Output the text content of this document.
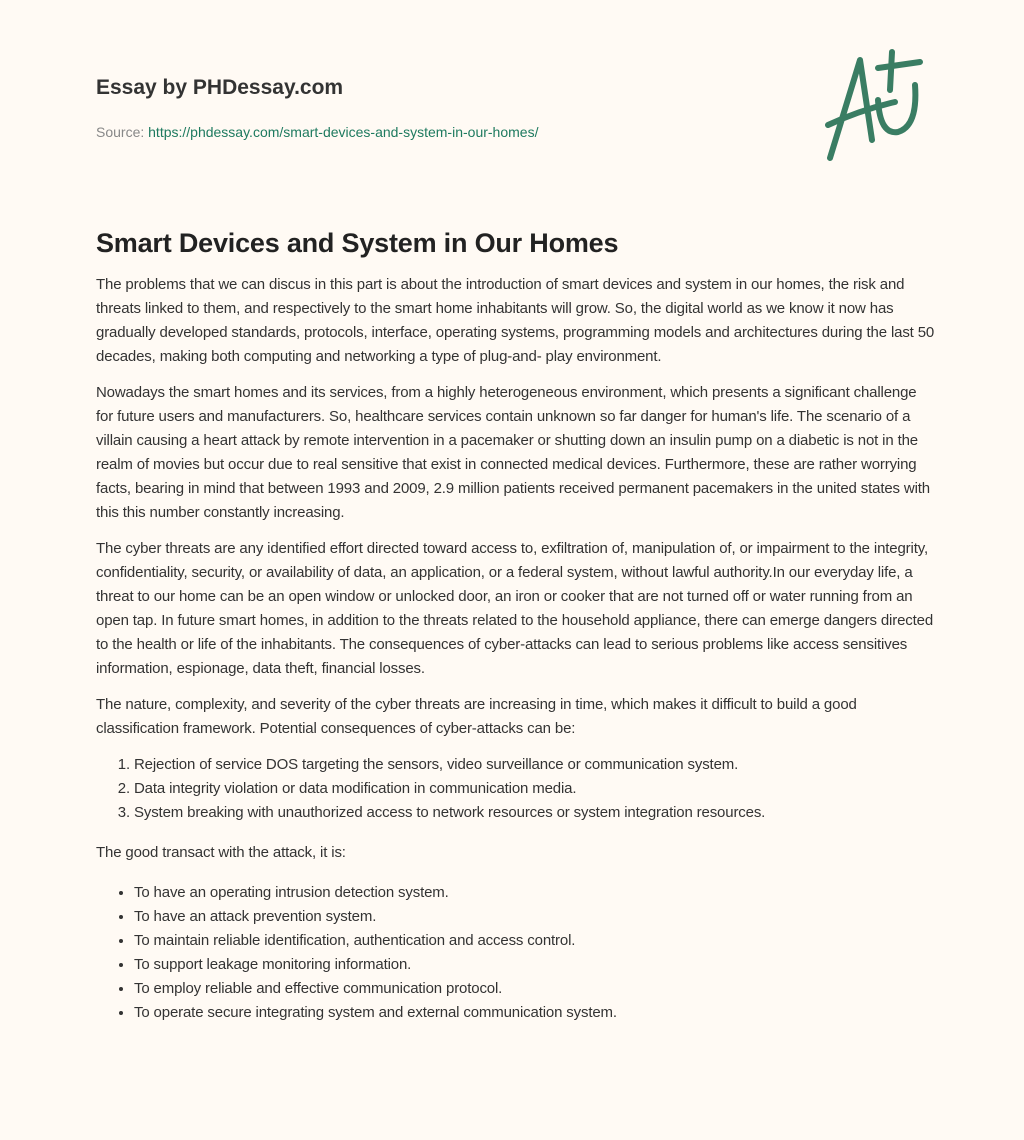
Essay by PHDessay.com
Source: https://phdessay.com/smart-devices-and-system-in-our-homes/
Smart Devices and System in Our Homes

The problems that we can discus in this part is about the introduction of smart devices and system in our homes, the risk and threats linked to them, and respectively to the smart home inhabitants will grow. So, the digital world as we know it now has gradually developed standards, protocols, interface, operating systems, programming models and architectures during the last 50 decades, making both computing and networking a type of plug-and- play environment.

Nowadays the smart homes and its services, from a highly heterogeneous environment, which presents a significant challenge for future users and manufacturers. So, healthcare services contain unknown so far danger for human's life. The scenario of a villain causing a heart attack by remote intervention in a pacemaker or shutting down an insulin pump on a diabetic is not in the realm of movies but occur due to real sensitive that exist in connected medical devices. Furthermore, these are rather worrying facts, bearing in mind that between 1993 and 2009, 2.9 million patients received permanent pacemakers in the united states with this this number constantly increasing.

The cyber threats are any identified effort directed toward access to, exfiltration of, manipulation of, or impairment to the integrity, confidentiality, security, or availability of data, an application, or a federal system, without lawful authority.In our everyday life, a threat to our home can be an open window or unlocked door, an iron or cooker that are not turned off or water running from an open tap. In future smart homes, in addition to the threats related to the household appliance, there can emerge dangers directed to the health or life of the inhabitants. The consequences of cyber-attacks can lead to serious problems like access sensitives information, espionage, data theft, financial losses.

The nature, complexity, and severity of the cyber threats are increasing in time, which makes it difficult to build a good classification framework. Potential consequences of cyber-attacks can be:

1. Rejection of service DOS targeting the sensors, video surveillance or communication system.
2. Data integrity violation or data modification in communication media.
3. System breaking with unauthorized access to network resources or system integration resources.

The good transact with the attack, it is:

• To have an operating intrusion detection system.
• To have an attack prevention system.
• To maintain reliable identification, authentication and access control.
• To support leakage monitoring information.
• To employ reliable and effective communication protocol.
• To operate secure integrating system and external communication system.
